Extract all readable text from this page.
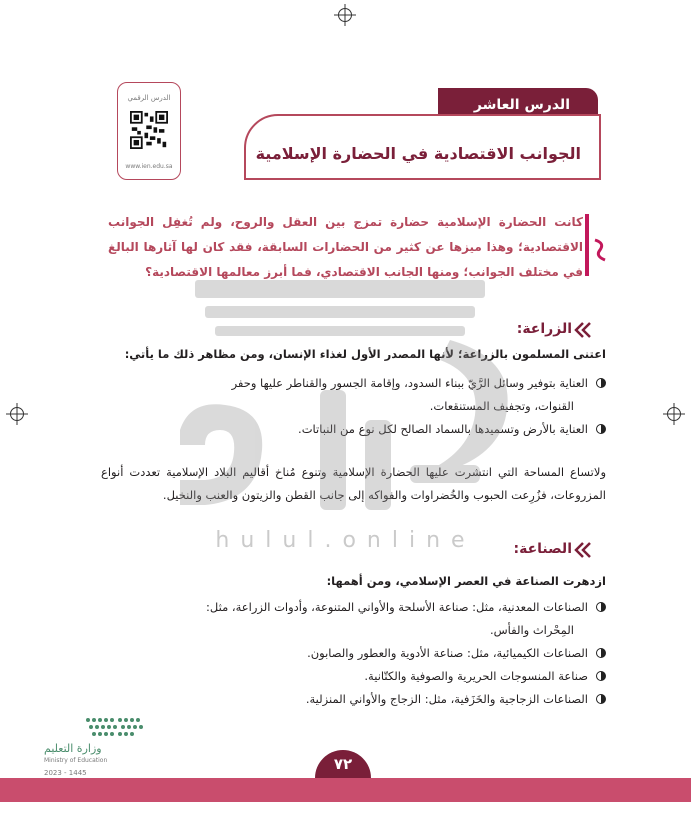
الدرس الرقمي
www.ien.edu.sa
الدرس العاشر
الجوانب الاقتصادية في الحضارة الإسلامية
كانت الحضارة الإسلامية حضارة تمزج بين العقل والروح، ولم تُغفِل الجوانب الاقتصادية؛ وهذا ميزها عن كثير من الحضارات السابقة، فقد كان لها آثارها البالغ في مختلف الجوانب؛ ومنها الجانب الاقتصادي، فما أبرز معالمها الاقتصادية؟
الزراعة:
اعتنى المسلمون بالزراعة؛ لأنها المصدر الأول لغذاء الإنسان، ومن مظاهر ذلك ما يأتي:
العناية بتوفير وسائل الرَّيّ ببناء السدود، وإقامة الجسور والقناطر عليها وحفر
القنوات، وتجفيف المستنقعات.
العناية بالأرض وتسميدها بالسماد الصالح لكل نوع من النباتات.
ولاتساع المساحة التي انتشرت عليها الحضارة الإسلامية وتنوع مُناخ أقاليم البلاد الإسلامية تعددت أنواع المزروعات، فزُرِعت الحبوب والخُضراوات والفواكه إلى جانب القطن والزيتون والعنب والنخيل.
الصناعة:
ازدهرت الصناعة في العصر الإسلامي، ومن أهمها:
الصناعات المعدنية، مثل: صناعة الأسلحة والأواني المتنوعة، وأدوات الزراعة، مثل:
المِحْراث والفأس.
الصناعات الكيميائية، مثل: صناعة الأدوية والعطور والصابون.
صناعة المنسوجات الحريرية والصوفية والكتّانية.
الصناعات الزجاجية والخَزَفية، مثل: الزجاج والأواني المنزلية.
hulul.online
وزارة التعليم
Ministry of Education
2023 - 1445	٧٢
